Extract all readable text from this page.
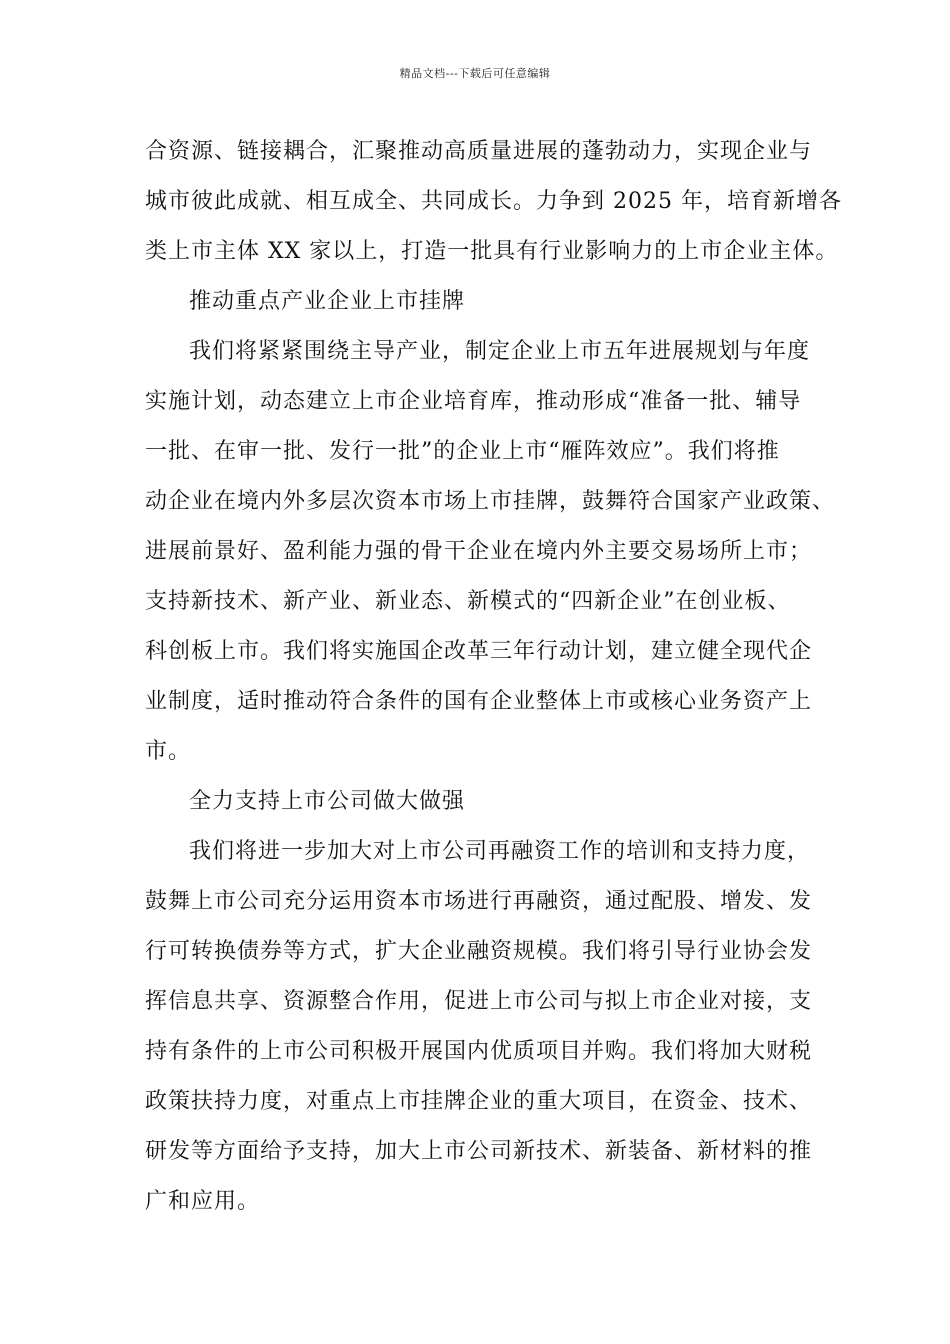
精品文档---下载后可任意编辑
合资源、链接耦合，汇聚推动高质量进展的蓬勃动力，实现企业与
城市彼此成就、相互成全、共同成长。力争到 2025 年，培育新增各
类上市主体 XX 家以上，打造一批具有行业影响力的上市企业主体。
推动重点产业企业上市挂牌
我们将紧紧围绕主导产业，制定企业上市五年进展规划与年度
实施计划，动态建立上市企业培育库，推动形成“准备一批、辅导
一批、在审一批、发行一批”的企业上市“雁阵效应”。我们将推
动企业在境内外多层次资本市场上市挂牌，鼓舞符合国家产业政策、
进展前景好、盈利能力强的骨干企业在境内外主要交易场所上市；
支持新技术、新产业、新业态、新模式的“四新企业”在创业板、
科创板上市。我们将实施国企改革三年行动计划，建立健全现代企
业制度，适时推动符合条件的国有企业整体上市或核心业务资产上
市。
全力支持上市公司做大做强
我们将进一步加大对上市公司再融资工作的培训和支持力度，
鼓舞上市公司充分运用资本市场进行再融资，通过配股、增发、发
行可转换债券等方式，扩大企业融资规模。我们将引导行业协会发
挥信息共享、资源整合作用，促进上市公司与拟上市企业对接，支
持有条件的上市公司积极开展国内优质项目并购。我们将加大财税
政策扶持力度，对重点上市挂牌企业的重大项目，在资金、技术、
研发等方面给予支持，加大上市公司新技术、新装备、新材料的推
广和应用。
